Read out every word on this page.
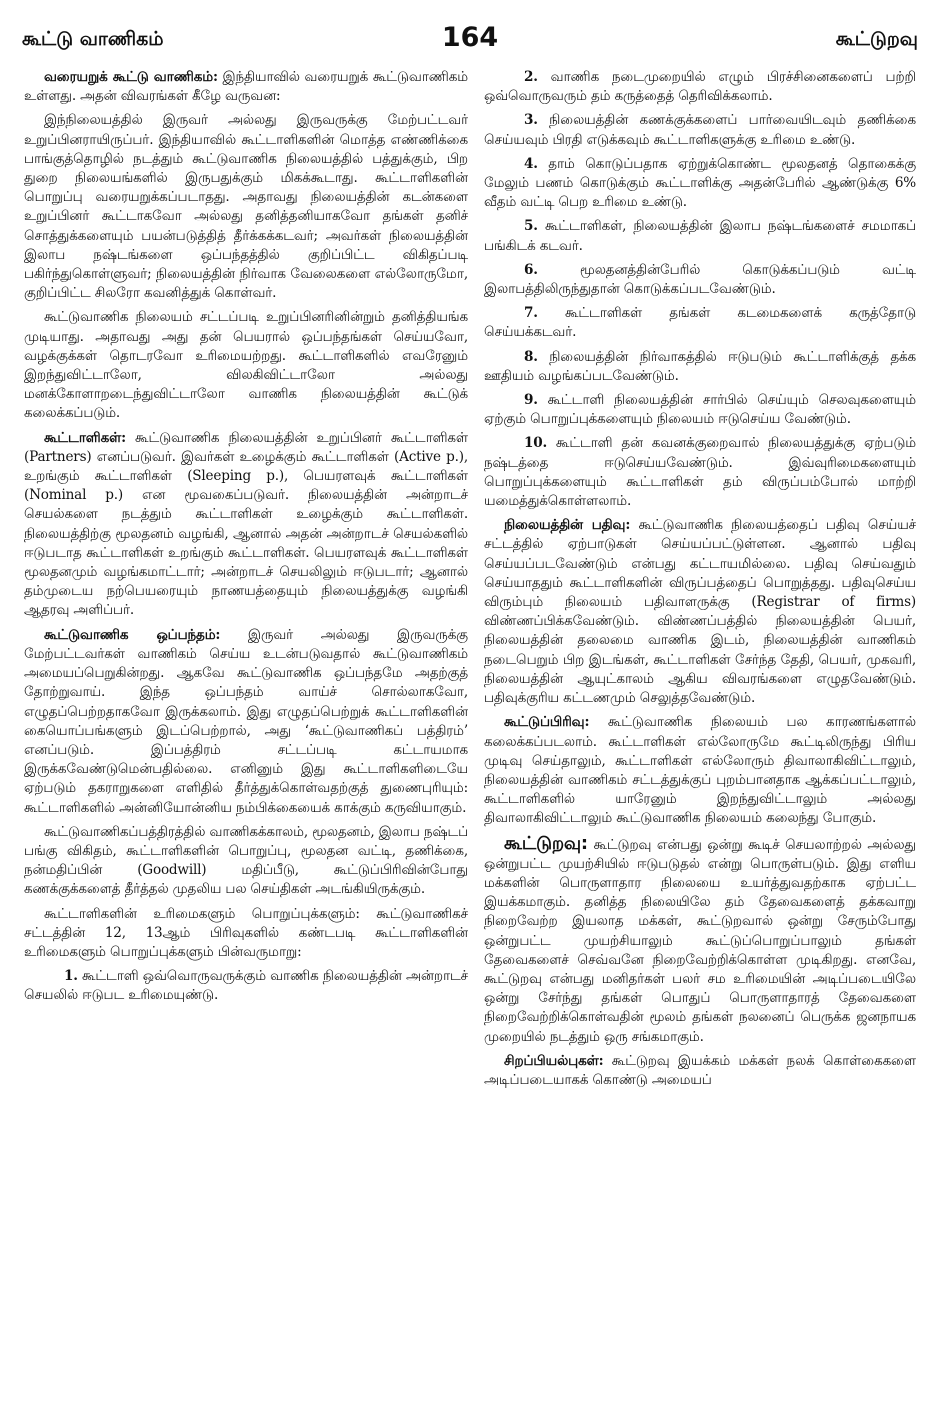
கூட்டு வாணிகம்	164	கூட்டுறவு

வரையறுக் கூட்டு வாணிகம்: இந்தியாவில் வரையறுக் கூட்டுவாணிகம் உள்ளது. அதன் விவரங்கள் கீழே வருவன:

இந்நிலையத்தில் இருவர் அல்லது இருவருக்கு மேற்பட்டவர் உறுப்பினராயிருப்பர். இந்தியாவில் கூட்டாளிகளின் மொத்த எண்ணிக்கை பாங்குத்தொழில் நடத்தும் கூட்டுவாணிக நிலையத்தில் பத்துக்கும், பிற துறை நிலையங்களில் இருபதுக்கும் மிகக்கூடாது. கூட்டாளிகளின் பொறுப்பு வரையறுக்கப்படாதது. அதாவது நிலையத்தின் கடன்களை உறுப்பினர் கூட்டாகவோ அல்லது தனித்தனியாகவோ தங்கள் தனிச் சொத்துக்களையும் பயன்படுத்தித் தீர்க்கக்கடவர்; அவர்கள் நிலையத்தின் இலாப நஷ்டங்களை ஒப்பந்தத்தில் குறிப்பிட்ட விகிதப்படி பகிர்ந்துகொள்ளுவர்; நிலையத்தின் நிர்வாக வேலைகளை எல்லோருமோ, குறிப்பிட்ட சிலரோ கவனித்துக் கொள்வர்.

கூட்டுவாணிக நிலையம் சட்டப்படி உறுப்பினரினின்றும் தனித்தியங்க முடியாது. அதாவது அது தன் பெயரால் ஒப்பந்தங்கள் செய்யவோ, வழக்குக்கள் தொடரவோ உரிமையற்றது. கூட்டாளிகளில் எவரேனும் இறந்துவிட்டாலோ, விலகிவிட்டாலோ அல்லது மனக்கோளாறடைந்துவிட்டாலோ வாணிக நிலையத்தின் கூட்டுக் கலைக்கப்படும்.

கூட்டாளிகள்: கூட்டுவாணிக நிலையத்தின் உறுப்பினர் கூட்டாளிகள் (Partners) எனப்படுவர். இவர்கள் உழைக்கும் கூட்டாளிகள் (Active p.), உறங்கும் கூட்டாளிகள் (Sleeping p.), பெயரளவுக் கூட்டாளிகள் (Nominal p.) என மூவகைப்படுவர். நிலையத்தின் அன்றாடச் செயல்களை நடத்தும் கூட்டாளிகள் உழைக்கும் கூட்டாளிகள். நிலையத்திற்கு மூலதனம் வழங்கி, ஆனால் அதன் அன்றாடச் செயல்களில் ஈடுபடாத கூட்டாளிகள் உறங்கும் கூட்டாளிகள். பெயரளவுக் கூட்டாளிகள் மூலதனமும் வழங்கமாட்டார்; அன்றாடச் செயலிலும் ஈடுபடார்; ஆனால் தம்முடைய நற்பெயரையும் நாணயத்தையும் நிலையத்துக்கு வழங்கி ஆதரவு அளிப்பர்.

கூட்டுவாணிக ஒப்பந்தம்: இருவர் அல்லது இருவருக்கு மேற்பட்டவர்கள் வாணிகம் செய்ய உடன்படுவதால் கூட்டுவாணிகம் அமையப்பெறுகின்றது. ஆகவே கூட்டுவாணிக ஒப்பந்தமே அதற்குத் தோற்றுவாய். இந்த ஒப்பந்தம் வாய்ச் சொல்லாகவோ, எழுதப்பெற்றதாகவோ இருக்கலாம். இது எழுதப்பெற்றுக் கூட்டாளிகளின் கையொப்பங்களும் இடப்பெற்றால், அது ‘கூட்டுவாணிகப் பத்திரம்’ எனப்படும். இப்பத்திரம் சட்டப்படி கட்டாயமாக இருக்கவேண்டுமென்பதில்லை. எனினும் இது கூட்டாளிகளிடையே ஏற்படும் தகராறுகளை எளிதில் தீர்த்துக்கொள்வதற்குத் துணைபுரியும்: கூட்டாளிகளில் அன்னியோன்னிய நம்பிக்கையைக் காக்கும் கருவியாகும்.

கூட்டுவாணிகப்பத்திரத்தில் வாணிகக்காலம், மூலதனம், இலாப நஷ்டப் பங்கு விகிதம், கூட்டாளிகளின் பொறுப்பு, மூலதன வட்டி, தணிக்கை, நன்மதிப்பின் (Goodwill) மதிப்பீடு, கூட்டுப்பிரிவின்போது கணக்குக்களைத் தீர்த்தல் முதலிய பல செய்திகள் அடங்கியிருக்கும்.

கூட்டாளிகளின் உரிமைகளும் பொறுப்புக்களும்: கூட்டுவாணிகச் சட்டத்தின் 12, 13ஆம் பிரிவுகளில் கண்டபடி கூட்டாளிகளின் உரிமைகளும் பொறுப்புக்களும் பின்வருமாறு:

1. கூட்டாளி ஒவ்வொருவருக்கும் வாணிக நிலையத்தின் அன்றாடச் செயலில் ஈடுபட உரிமையுண்டு.

2. வாணிக நடைமுறையில் எழும் பிரச்சினைகளைப் பற்றி ஒவ்வொருவரும் தம் கருத்தைத் தெரிவிக்கலாம்.

3. நிலையத்தின் கணக்குக்களைப் பார்வையிடவும் தணிக்கை செய்யவும் பிரதி எடுக்கவும் கூட்டாளிகளுக்கு உரிமை உண்டு.

4. தாம் கொடுப்பதாக ஏற்றுக்கொண்ட மூலதனத் தொகைக்கு மேலும் பணம் கொடுக்கும் கூட்டாளிக்கு அதன்பேரில் ஆண்டுக்கு 6% வீதம் வட்டி பெற உரிமை உண்டு.

5. கூட்டாளிகள், நிலையத்தின் இலாப நஷ்டங்களைச் சமமாகப் பங்கிடக் கடவர்.

6.	மூலதனத்தின்பேரில் கொடுக்கப்படும் வட்டி இலாபத்திலிருந்துதான் கொடுக்கப்படவேண்டும்.

7. கூட்டாளிகள் தங்கள் கடமைகளைக் கருத்தோடு செய்யக்கடவர்.

8. நிலையத்தின் நிர்வாகத்தில் ஈடுபடும் கூட்டாளிக்குத் தக்க ஊதியம் வழங்கப்படவேண்டும்.

9. கூட்டாளி நிலையத்தின் சார்பில் செய்யும் செலவுகளையும் ஏற்கும் பொறுப்புக்களையும் நிலையம் ஈடுசெய்ய வேண்டும்.

10. கூட்டாளி தன் கவனக்குறைவால் நிலையத்துக்கு ஏற்படும் நஷ்டத்தை ஈடுசெய்யவேண்டும். இவ்வுரிமைகளையும் பொறுப்புக்களையும் கூட்டாளிகள் தம் விருப்பம்போல் மாற்றி யமைத்துக்கொள்ளலாம்.

நிலையத்தின் பதிவு: கூட்டுவாணிக நிலையத்தைப் பதிவு செய்யச் சட்டத்தில் ஏற்பாடுகள் செய்யப்பட்டுள்ளன. ஆனால் பதிவு செய்யப்படவேண்டும் என்பது கட்டாயமில்லை. பதிவு செய்வதும் செய்யாததும் கூட்டாளிகளின் விருப்பத்தைப் பொறுத்தது. பதிவுசெய்ய விரும்பும் நிலையம் பதிவாளருக்கு (Registrar of firms) விண்ணப்பிக்கவேண்டும். விண்ணப்பத்தில் நிலையத்தின் பெயர், நிலையத்தின் தலைமை வாணிக இடம், நிலையத்தின் வாணிகம் நடைபெறும் பிற இடங்கள், கூட்டாளிகள் சேர்ந்த தேதி, பெயர், முகவரி, நிலையத்தின் ஆயுட்காலம் ஆகிய விவரங்களை எழுதவேண்டும். பதிவுக்குரிய கட்டணமும் செலுத்தவேண்டும்.

கூட்டுப்பிரிவு: கூட்டுவாணிக நிலையம் பல காரணங்களால் கலைக்கப்படலாம். கூட்டாளிகள் எல்லோருமே கூட்டிலிருந்து பிரிய முடிவு செய்தாலும், கூட்டாளிகள் எல்லோரும் திவாலாகிவிட்டாலும், நிலையத்தின் வாணிகம் சட்டத்துக்குப் புறம்பானதாக ஆக்கப்பட்டாலும், கூட்டாளிகளில் யாரேனும் இறந்துவிட்டாலும் அல்லது திவாலாகிவிட்டாலும் கூட்டுவாணிக நிலையம் கலைந்து போகும்.

கூட்டுறவு: கூட்டுறவு என்பது ஒன்று கூடிச் செயலாற்றல் அல்லது ஒன்றுபட்ட முயற்சியில் ஈடுபடுதல் என்று பொருள்படும். இது எளிய மக்களின் பொருளாதார நிலையை உயர்த்துவதற்காக ஏற்பட்ட இயக்கமாகும். தனித்த நிலையிலே தம் தேவைகளைத் தக்கவாறு நிறைவேற்ற இயலாத மக்கள், கூட்டுறவால் ஒன்று சேரும்போது ஒன்றுபட்ட முயற்சியாலும் கூட்டுப்பொறுப்பாலும் தங்கள் தேவைகளைச் செவ்வனே நிறைவேற்றிக்கொள்ள முடிகிறது. எனவே, கூட்டுறவு என்பது மனிதர்கள் பலர் சம உரிமையின் அடிப்படையிலே ஒன்று சேர்ந்து தங்கள் பொதுப் பொருளாதாரத் தேவைகளை நிறைவேற்றிக்கொள்வதின் மூலம் தங்கள் நலனைப் பெருக்க ஜனநாயக முறையில் நடத்தும் ஒரு சங்கமாகும்.

சிறப்பியல்புகள்: கூட்டுறவு இயக்கம் மக்கள் நலக் கொள்கைகளை அடிப்படையாகக் கொண்டு அமையப்
